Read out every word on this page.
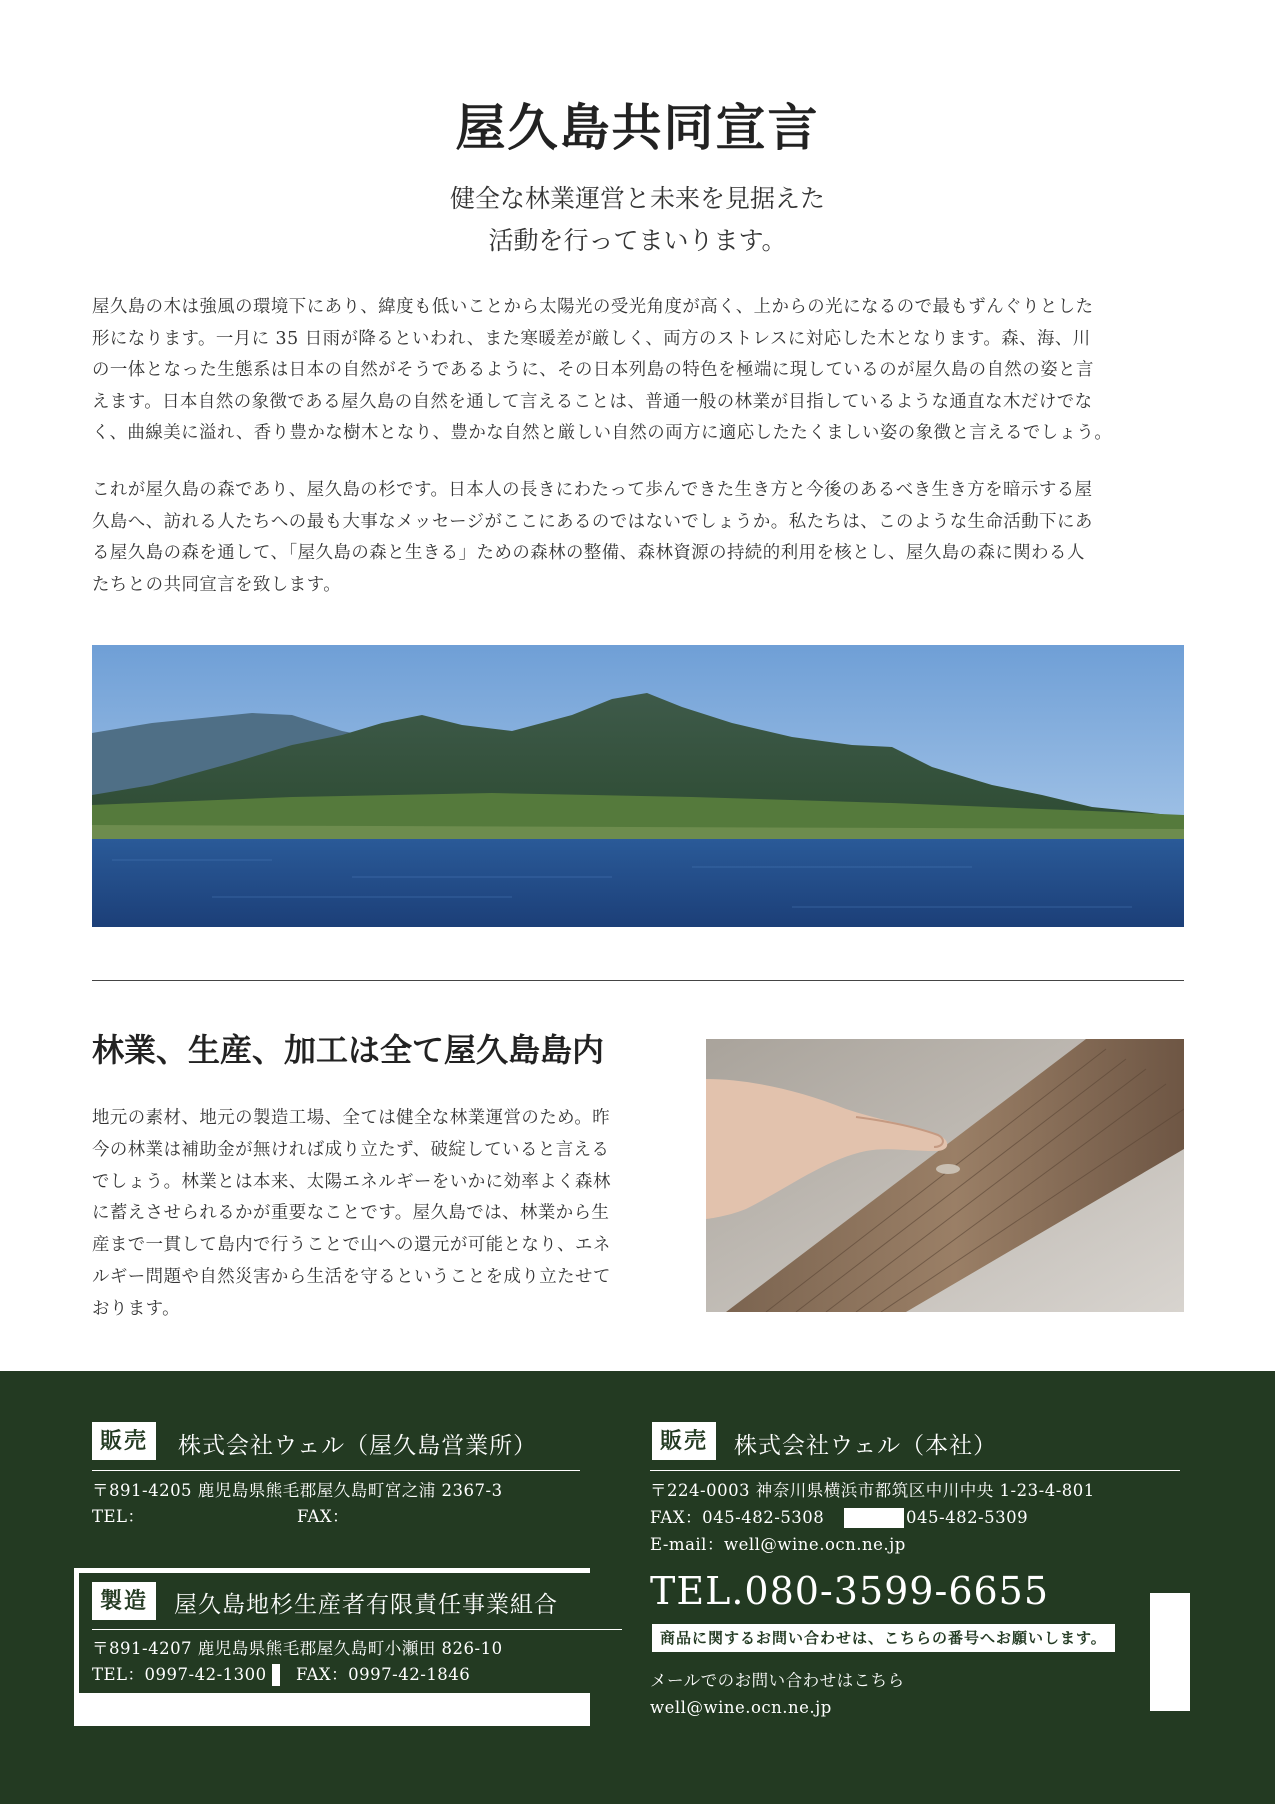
屋久島共同宣言
健全な林業運営と未来を見据えた
活動を行ってまいります。
屋久島の木は強風の環境下にあり、緯度も低いことから太陽光の受光角度が高く、上からの光になるので最もずんぐりとした
形になります。一月に 35 日雨が降るといわれ、また寒暖差が厳しく、両方のストレスに対応した木となります。森、海、川
の一体となった生態系は日本の自然がそうであるように、その日本列島の特色を極端に現しているのが屋久島の自然の姿と言
えます。日本自然の象徴である屋久島の自然を通して言えることは、普通一般の林業が目指しているような通直な木だけでな
く、曲線美に溢れ、香り豊かな樹木となり、豊かな自然と厳しい自然の両方に適応したたくましい姿の象徴と言えるでしょう。
これが屋久島の森であり、屋久島の杉です。日本人の長きにわたって歩んできた生き方と今後のあるべき生き方を暗示する屋
久島へ、訪れる人たちへの最も大事なメッセージがここにあるのではないでしょうか。私たちは、このような生命活動下にあ
る屋久島の森を通して、「屋久島の森と生きる」ための森林の整備、森林資源の持続的利用を核とし、屋久島の森に関わる人
たちとの共同宣言を致します。
林業、生産、加工は全て屋久島島内
地元の素材、地元の製造工場、全ては健全な林業運営のため。昨
今の林業は補助金が無ければ成り立たず、破綻していると言える
でしょう。林業とは本来、太陽エネルギーをいかに効率よく森林
に蓄えさせられるかが重要なことです。屋久島では、林業から生
産まで一貫して島内で行うことで山への還元が可能となり、エネ
ルギー問題や自然災害から生活を守るということを成り立たせて
おります。
販売	株式会社ウェル（屋久島営業所）
〒891-4205 鹿児島県熊毛郡屋久島町宮之浦 2367-3
TEL：	FAX：
製造	屋久島地杉生産者有限責任事業組合
〒891-4207 鹿児島県熊毛郡屋久島町小瀬田 826-10
TEL：0997-42-1300 FAX：0997-42-1846
販売	株式会社ウェル（本社）
〒224-0003 神奈川県横浜市都筑区中川中央 1-23-4-801
FAX：045-482-5308	045-482-5309
E-mail：well@wine.ocn.ne.jp
TEL.080-3599-6655
商品に関するお問い合わせは、こちらの番号へお願いします。
メールでのお問い合わせはこちら
well@wine.ocn.ne.jp
